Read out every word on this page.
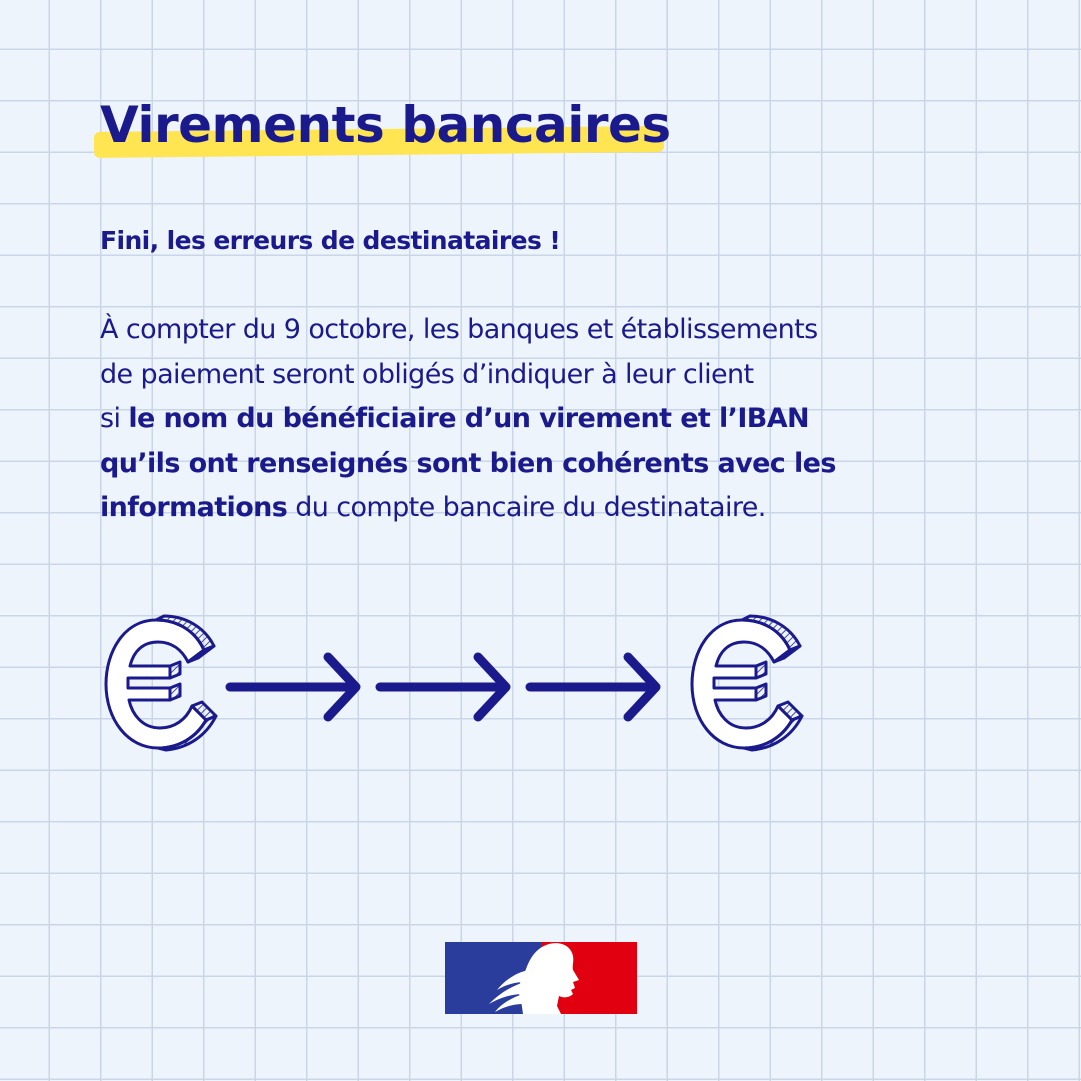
Virements bancaires

Fini, les erreurs de destinataires !

À compter du 9 octobre, les banques et établissements
de paiement seront obligés d’indiquer à leur client
si le nom du bénéficiaire d’un virement et l’IBAN
qu’ils ont renseignés sont bien cohérents avec les
informations du compte bancaire du destinataire.
